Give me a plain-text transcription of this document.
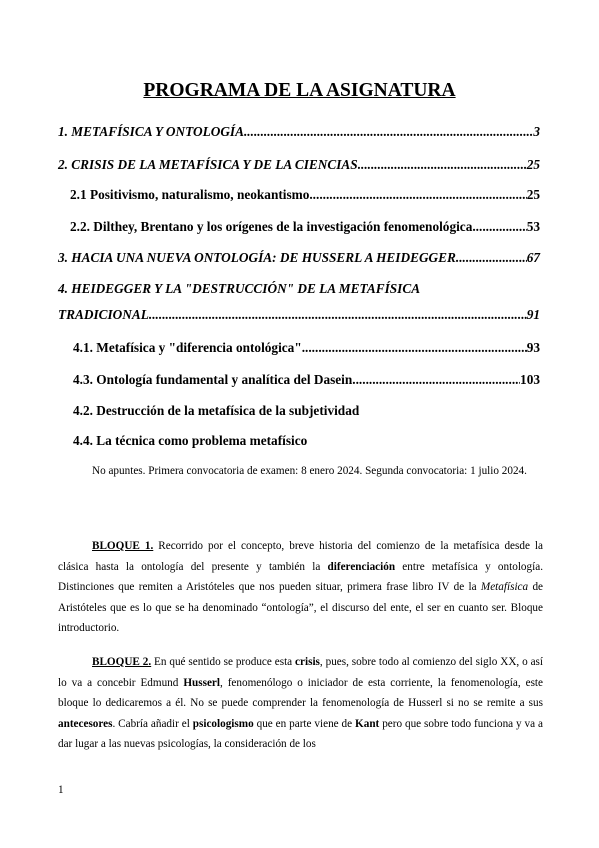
PROGRAMA DE LA ASIGNATURA
1. METAFÍSICA Y ONTOLOGÍA .....	3
2. CRISIS DE LA METAFÍSICA Y DE LA CIENCIAS .....	25
2.1 Positivismo, naturalismo, neokantismo .....	25
2.2. Dilthey, Brentano y los orígenes de la investigación fenomenológica .....	53
3. HACIA UNA NUEVA ONTOLOGÍA: DE HUSSERL A HEIDEGGER .....	67
4. HEIDEGGER Y LA "DESTRUCCIÓN" DE LA METAFÍSICA
TRADICIONAL .....	91
4.1. Metafísica y "diferencia ontológica" .....	93
4.3. Ontología fundamental y analítica del Dasein .....	103
4.2. Destrucción de la metafísica de la subjetividad
4.4. La técnica como problema metafísico

No apuntes. Primera convocatoria de examen: 8 enero 2024. Segunda convocatoria: 1 julio 2024.

BLOQUE 1. Recorrido por el concepto, breve historia del comienzo de la metafísica desde la clásica hasta la ontología del presente y también la diferenciación entre metafísica y ontología. Distinciones que remiten a Aristóteles que nos pueden situar, primera frase libro IV de la Metafísica de Aristóteles que es lo que se ha denominado “ontología”, el discurso del ente, el ser en cuanto ser. Bloque introductorio.

BLOQUE 2. En qué sentido se produce esta crisis, pues, sobre todo al comienzo del siglo XX, o así lo va a concebir Edmund Husserl, fenomenólogo o iniciador de esta corriente, la fenomenología, este bloque lo dedicaremos a él. No se puede comprender la fenomenología de Husserl si no se remite a sus antecesores. Cabría añadir el psicologismo que en parte viene de Kant pero que sobre todo funciona y va a dar lugar a las nuevas psicologías, la consideración de los

1
